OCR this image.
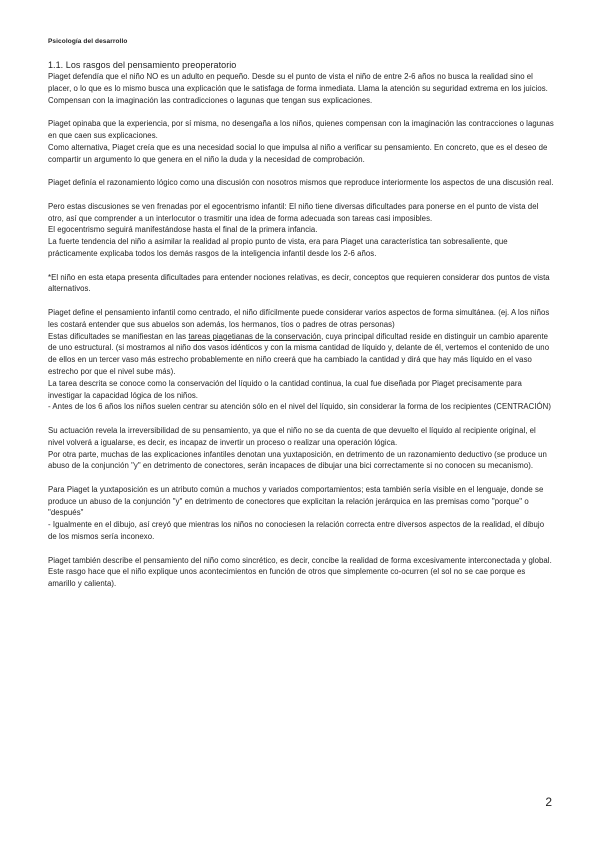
Psicología del desarrollo

1.1. Los rasgos del pensamiento preoperatorio

Piaget defendía que el niño NO es un adulto en pequeño. Desde su el punto de vista el niño de entre 2-6 años no busca la realidad sino el placer, o lo que es lo mismo busca una explicación que le satisfaga de forma inmediata. Llama la atención su seguridad extrema en los juicios. Compensan con la imaginación las contradicciones o lagunas que tengan sus explicaciones.

Piaget opinaba que la experiencia, por sí misma, no desengaña a los niños, quienes compensan con la imaginación las contracciones o lagunas en que caen sus explicaciones.

Como alternativa, Piaget creía que es una necesidad social lo que impulsa al niño a verificar su pensamiento. En concreto, que es el deseo de compartir un argumento lo que genera en el niño la duda y la necesidad de comprobación.

Piaget definía el razonamiento lógico como una discusión con nosotros mismos que reproduce interiormente los aspectos de una discusión real.

Pero estas discusiones se ven frenadas por el egocentrismo infantil: El niño tiene diversas dificultades para ponerse en el punto de vista del otro, así que comprender a un interlocutor o trasmitir una idea de forma adecuada son tareas casi imposibles.

El egocentrismo seguirá manifestándose hasta el final de la primera infancia.

La fuerte tendencia del niño a asimilar la realidad al propio punto de vista, era para Piaget una característica tan sobresaliente, que prácticamente explicaba todos los demás rasgos de la inteligencia infantil desde los 2-6 años.

*El niño en esta etapa presenta dificultades para entender nociones relativas, es decir, conceptos que requieren considerar dos puntos de vista alternativos.

Piaget define el pensamiento infantil como centrado, el niño difícilmente puede considerar varios aspectos de forma simultánea. (ej. A los niños les costará entender que sus abuelos son además, los hermanos, tíos o padres de otras personas)

Estas dificultades se manifiestan en las tareas piagetianas de la conservación, cuya principal dificultad reside en distinguir un cambio aparente de uno estructural. (si mostramos al niño dos vasos idénticos y con la misma cantidad de líquido y, delante de él, vertemos el contenido de uno de ellos en un tercer vaso más estrecho probablemente en niño creerá que ha cambiado la cantidad y dirá que hay más líquido en el vaso estrecho por que el nivel sube más).

La tarea descrita se conoce como la conservación del líquido o la cantidad continua, la cual fue diseñada por Piaget precisamente para investigar la capacidad lógica de los niños.

- Antes de los 6 años los niños suelen centrar su atención sólo en el nivel del líquido, sin considerar la forma de los recipientes (CENTRACIÓN)

Su actuación revela la irreversibilidad de su pensamiento, ya que el niño no se da cuenta de que devuelto el líquido al recipiente original, el nivel volverá a igualarse, es decir, es incapaz de invertir un proceso o realizar una operación lógica.

Por otra parte, muchas de las explicaciones infantiles denotan una yuxtaposición, en detrimento de un razonamiento deductivo (se produce un abuso de la conjunción "y" en detrimento de conectores, serán incapaces de dibujar una bici correctamente si no conocen su mecanismo).

Para Piaget la yuxtaposición es un atributo común a muchos y variados comportamientos; esta también sería visible en el lenguaje, donde se produce un abuso de la conjunción "y" en detrimento de conectores que explicitan la relación jerárquica en las premisas como "porque" o "después"

- Igualmente en el dibujo, así creyó que mientras los niños no conociesen la relación correcta entre diversos aspectos de la realidad, el dibujo de los mismos sería inconexo.

Piaget también describe el pensamiento del niño como sincrético, es decir, concibe la realidad de forma excesivamente interconectada y global. Este rasgo hace que el niño explique unos acontecimientos en función de otros que simplemente co-ocurren (el sol no se cae porque es amarillo y calienta).

2
